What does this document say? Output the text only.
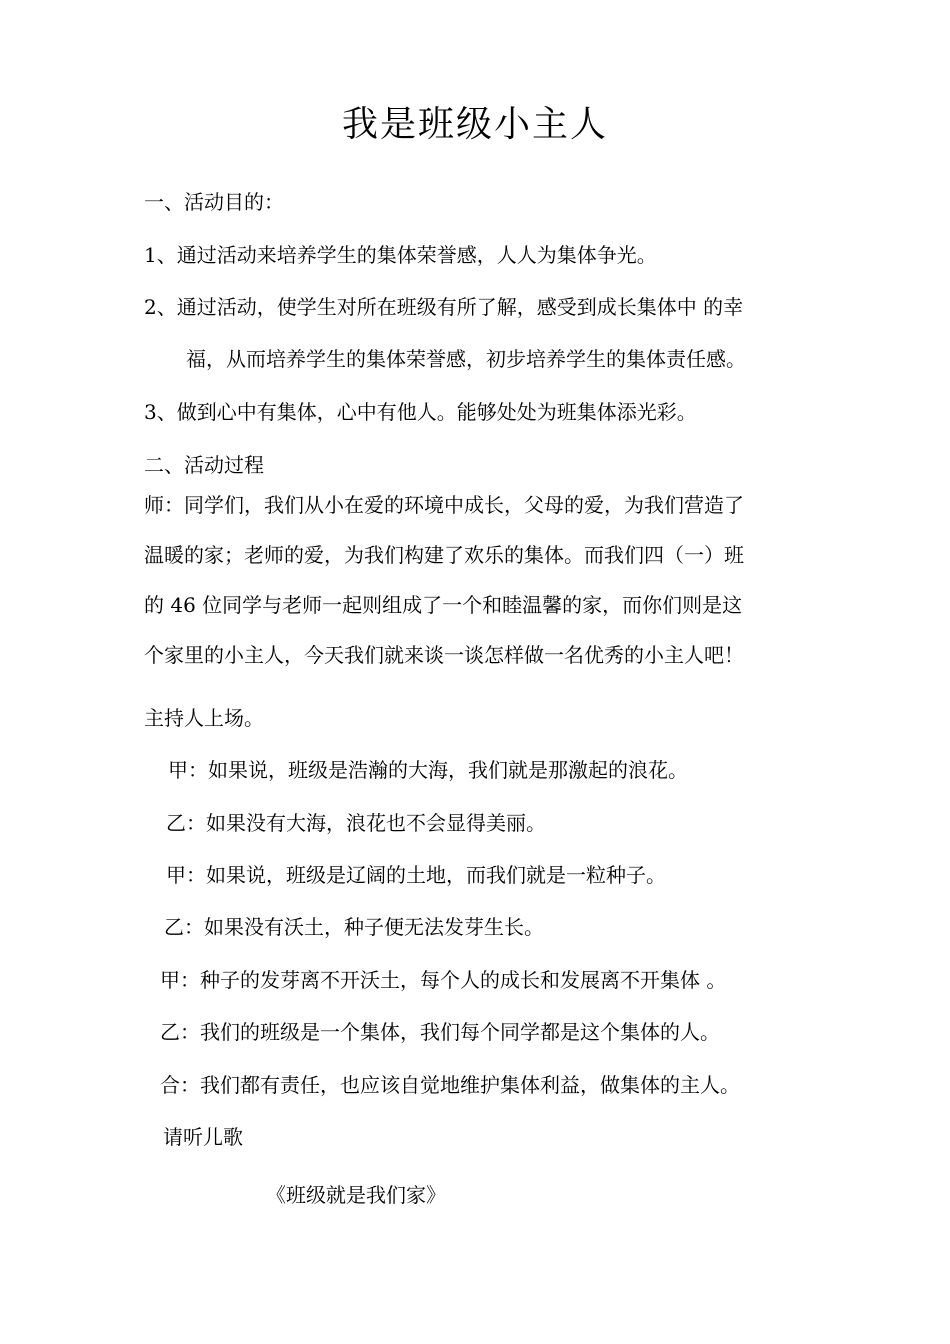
我是班级小主人
一、活动目的：
1、通过活动来培养学生的集体荣誉感，人人为集体争光。
2、通过活动，使学生对所在班级有所了解，感受到成长集体中 的幸
福，从而培养学生的集体荣誉感，初步培养学生的集体责任感。
3、做到心中有集体，心中有他人。能够处处为班集体添光彩。
二、活动过程
师：同学们，我们从小在爱的环境中成长，父母的爱，为我们营造了
温暖的家；老师的爱，为我们构建了欢乐的集体。而我们四（一）班
的 46 位同学与老师一起则组成了一个和睦温馨的家，而你们则是这
个家里的小主人，今天我们就来谈一谈怎样做一名优秀的小主人吧！
主持人上场。
甲：如果说，班级是浩瀚的大海，我们就是那激起的浪花。
乙：如果没有大海，浪花也不会显得美丽。
甲：如果说，班级是辽阔的土地，而我们就是一粒种子。
乙：如果没有沃土，种子便无法发芽生长。
甲：种子的发芽离不开沃土，每个人的成长和发展离不开集体 。
乙：我们的班级是一个集体，我们每个同学都是这个集体的人。
合：我们都有责任，也应该自觉地维护集体利益，做集体的主人。
请听儿歌
《班级就是我们家》
